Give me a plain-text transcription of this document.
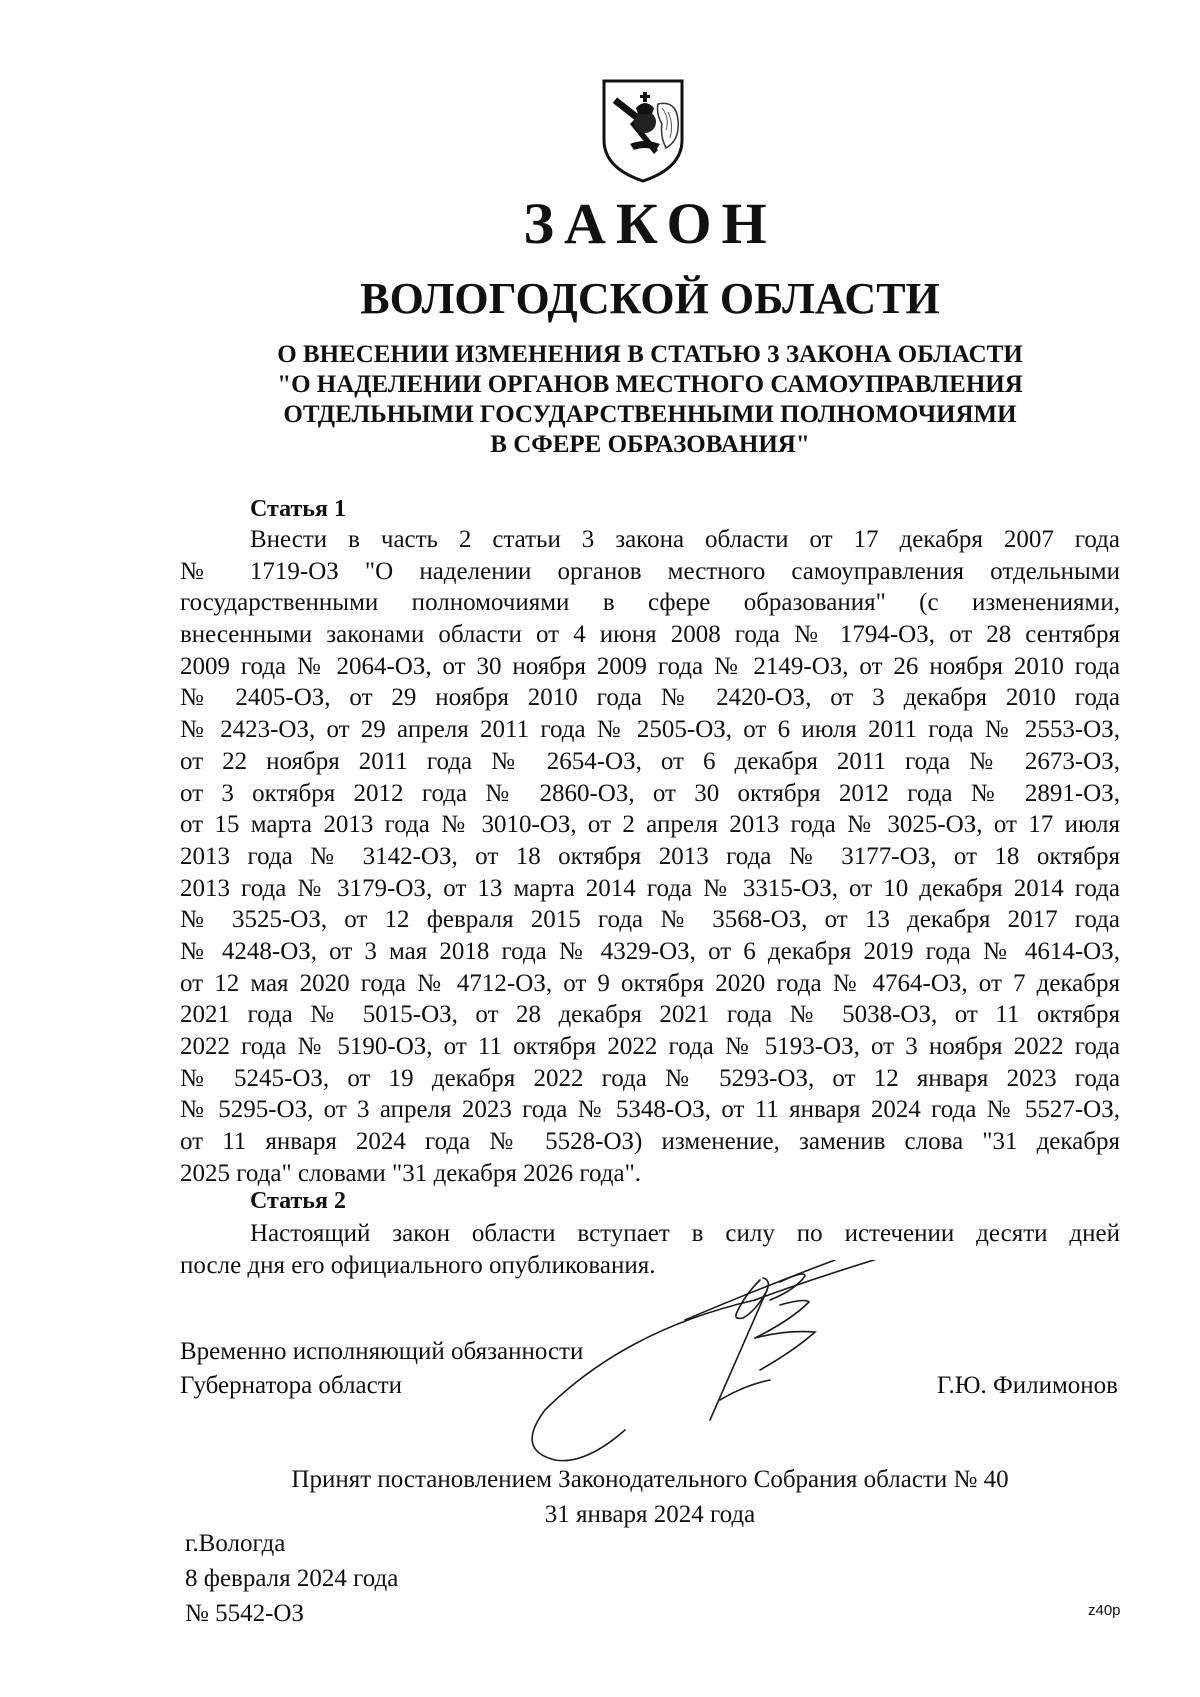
ЗАКОН
ВОЛОГОДСКОЙ ОБЛАСТИ
О ВНЕСЕНИИ ИЗМЕНЕНИЯ В СТАТЬЮ 3 ЗАКОНА ОБЛАСТИ
"О НАДЕЛЕНИИ ОРГАНОВ МЕСТНОГО САМОУПРАВЛЕНИЯ
ОТДЕЛЬНЫМИ ГОСУДАРСТВЕННЫМИ ПОЛНОМОЧИЯМИ
В СФЕРЕ ОБРАЗОВАНИЯ"
Статья 1
Внести в часть 2 статьи 3 закона области от 17 декабря 2007 года
№ 1719-ОЗ "О наделении органов местного самоуправления отдельными
государственными полномочиями в сфере образования" (с изменениями,
внесенными законами области от 4 июня 2008 года № 1794-ОЗ, от 28 сентября
2009 года № 2064-ОЗ, от 30 ноября 2009 года № 2149-ОЗ, от 26 ноября 2010 года
№ 2405-ОЗ, от 29 ноября 2010 года № 2420-ОЗ, от 3 декабря 2010 года
№ 2423-ОЗ, от 29 апреля 2011 года № 2505-ОЗ, от 6 июля 2011 года № 2553-ОЗ,
от 22 ноября 2011 года № 2654-ОЗ, от 6 декабря 2011 года № 2673-ОЗ,
от 3 октября 2012 года № 2860-ОЗ, от 30 октября 2012 года № 2891-ОЗ,
от 15 марта 2013 года № 3010-ОЗ, от 2 апреля 2013 года № 3025-ОЗ, от 17 июля
2013 года № 3142-ОЗ, от 18 октября 2013 года № 3177-ОЗ, от 18 октября
2013 года № 3179-ОЗ, от 13 марта 2014 года № 3315-ОЗ, от 10 декабря 2014 года
№ 3525-ОЗ, от 12 февраля 2015 года № 3568-ОЗ, от 13 декабря 2017 года
№ 4248-ОЗ, от 3 мая 2018 года № 4329-ОЗ, от 6 декабря 2019 года № 4614-ОЗ,
от 12 мая 2020 года № 4712-ОЗ, от 9 октября 2020 года № 4764-ОЗ, от 7 декабря
2021 года № 5015-ОЗ, от 28 декабря 2021 года № 5038-ОЗ, от 11 октября
2022 года № 5190-ОЗ, от 11 октября 2022 года № 5193-ОЗ, от 3 ноября 2022 года
№ 5245-ОЗ, от 19 декабря 2022 года № 5293-ОЗ, от 12 января 2023 года
№ 5295-ОЗ, от 3 апреля 2023 года № 5348-ОЗ, от 11 января 2024 года № 5527-ОЗ,
от 11 января 2024 года № 5528-ОЗ) изменение, заменив слова "31 декабря
2025 года" словами "31 декабря 2026 года".
Статья 2
Настоящий закон области вступает в силу по истечении десяти дней
после дня его официального опубликования.
Временно исполняющий обязанности
Губернатора области	Г.Ю. Филимонов
Принят постановлением Законодательного Собрания области № 40
31 января 2024 года
г.Вологда
8 февраля 2024 года
№ 5542-ОЗ	z40p
